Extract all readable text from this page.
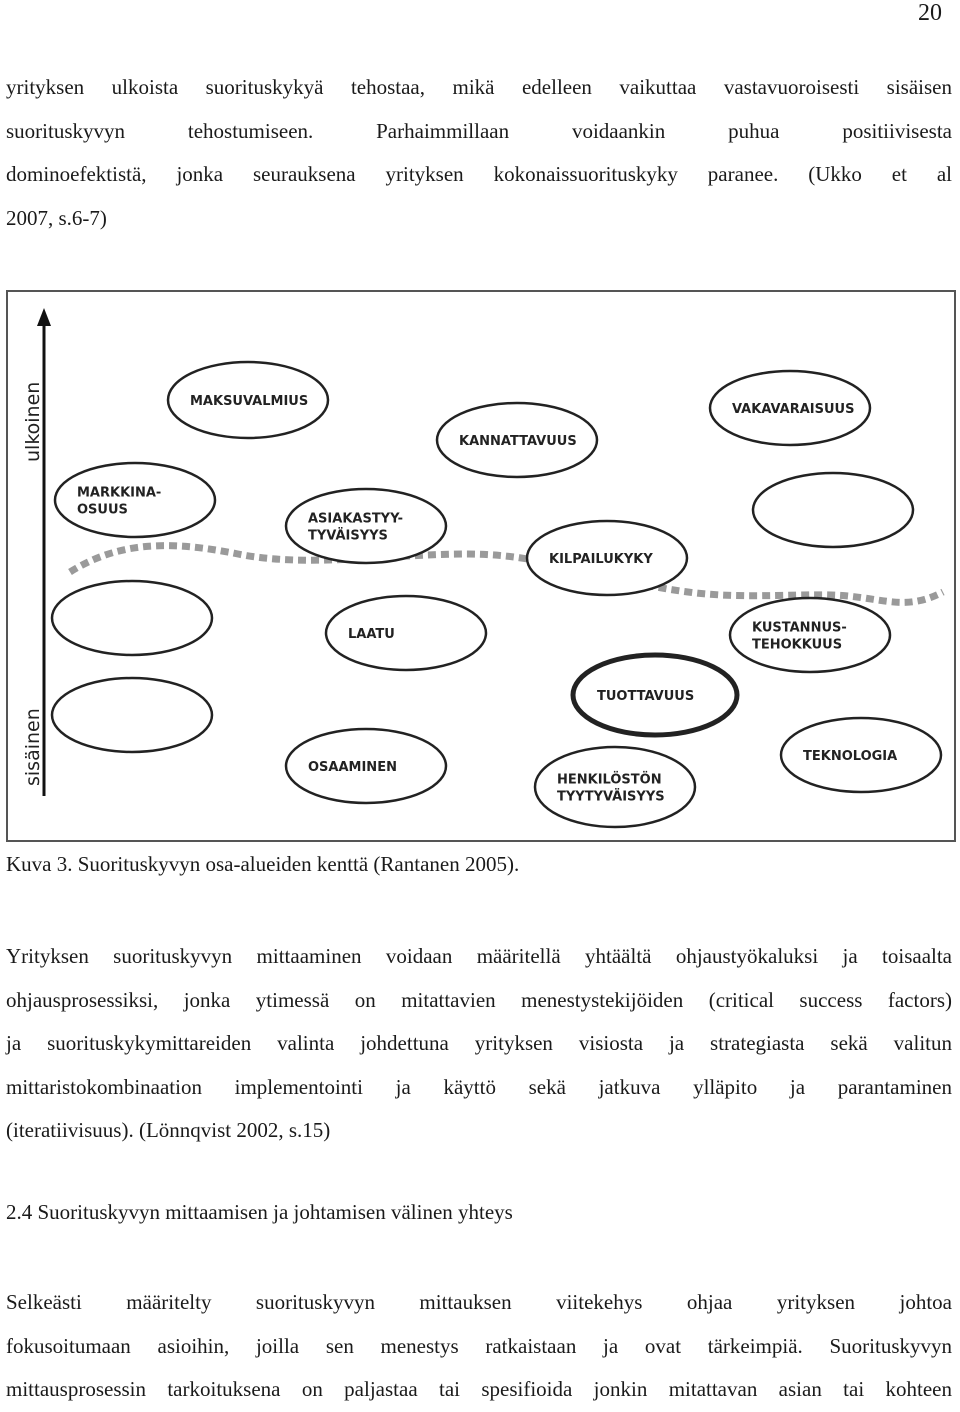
20
yrityksen ulkoista suorituskykyä tehostaa, mikä edelleen vaikuttaa vastavuoroisesti sisäisen
suorituskyvyn tehostumiseen. Parhaimmillaan voidaankin puhua positiivisesta
dominoefektistä, jonka seurauksena yrityksen kokonaissuorituskyky paranee. (Ukko et al
2007, s.6-7)
ulkoinen
sisäinen
MAKSUVALMIUS
KANNATTAVUUS
VAKAVARAISUUS
MARKKINA-
OSUUS
ASIAKASTYY-
TYVÄISYYS
KILPAILUKYKY
LAATU	KUSTANNUS-
TEHOKKUUS
TUOTTAVUUS
OSAAMINEN
HENKILÖSTÖN
TYYTYVÄISYYS
TEKNOLOGIA
Kuva 3. Suorituskyvyn osa-alueiden kenttä (Rantanen 2005).
Yrityksen suorituskyvyn mittaaminen voidaan määritellä yhtäältä ohjaustyökaluksi ja toisaalta
ohjausprosessiksi, jonka ytimessä on mitattavien menestystekijöiden (critical success factors)
ja suorituskykymittareiden valinta johdettuna yrityksen visiosta ja strategiasta sekä valitun
mittaristokombinaation implementointi ja käyttö sekä jatkuva ylläpito ja parantaminen
(iteratiivisuus). (Lönnqvist 2002, s.15)
2.4 Suorituskyvyn mittaamisen ja johtamisen välinen yhteys
Selkeästi määritelty suorituskyvyn mittauksen viitekehys ohjaa yrityksen johtoa
fokusoitumaan asioihin, joilla sen menestys ratkaistaan ja ovat tärkeimpiä. Suorituskyvyn
mittausprosessin tarkoituksena on paljastaa tai spesifioida jonkin mitattavan asian tai kohteen
